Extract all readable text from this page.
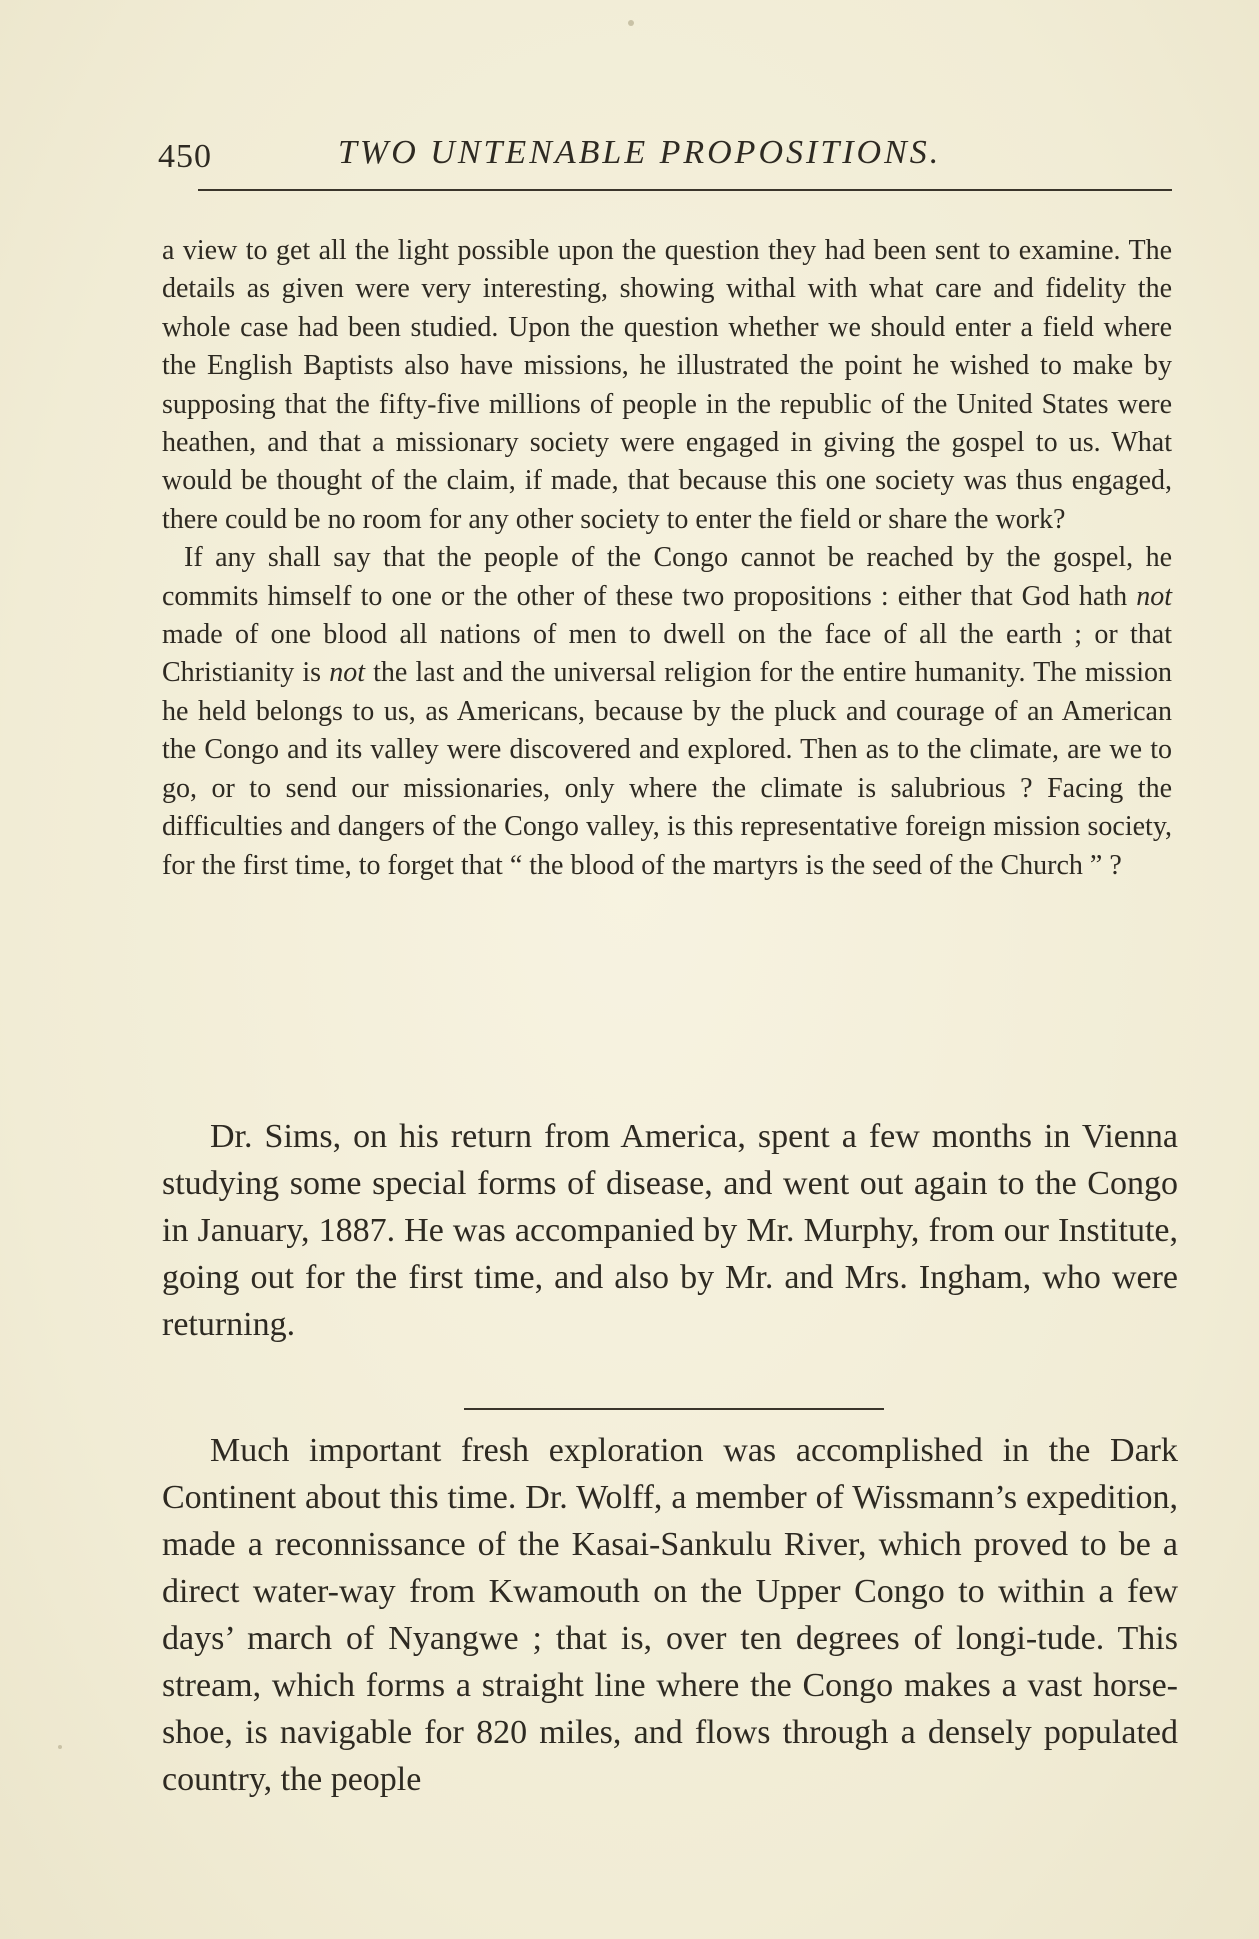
450	TWO UNTENABLE PROPOSITIONS.

a view to get all the light possible upon the question they had been sent to examine. The details as given were very interesting, showing withal with what care and fidelity the whole case had been studied. Upon the question whether we should enter a field where the English Baptists also have missions, he illustrated the point he wished to make by supposing that the fifty-five millions of people in the republic of the United States were heathen, and that a missionary society were engaged in giving the gospel to us. What would be thought of the claim, if made, that because this one society was thus engaged, there could be no room for any other society to enter the field or share the work?

If any shall say that the people of the Congo cannot be reached by the gospel, he commits himself to one or the other of these two propositions : either that God hath not made of one blood all nations of men to dwell on the face of all the earth ; or that Christianity is not the last and the universal religion for the entire humanity. The mission he held belongs to us, as Americans, because by the pluck and courage of an American the Congo and its valley were discovered and explored. Then as to the climate, are we to go, or to send our missionaries, only where the climate is salubrious ? Facing the difficulties and dangers of the Congo valley, is this representative foreign mission society, for the first time, to forget that “ the blood of the martyrs is the seed of the Church ” ?

Dr. Sims, on his return from America, spent a few months in Vienna studying some special forms of disease, and went out again to the Congo in January, 1887. He was accompanied by Mr. Murphy, from our Institute, going out for the first time, and also by Mr. and Mrs. Ingham, who were returning.

Much important fresh exploration was accomplished in the Dark Continent about this time. Dr. Wolff, a member of Wissmann’s expedition, made a reconnissance of the Kasai-Sankulu River, which proved to be a direct water-way from Kwamouth on the Upper Congo to within a few days’ march of Nyangwe ; that is, over ten degrees of longi-tude. This stream, which forms a straight line where the Congo makes a vast horse-shoe, is navigable for 820 miles, and flows through a densely populated country, the people
